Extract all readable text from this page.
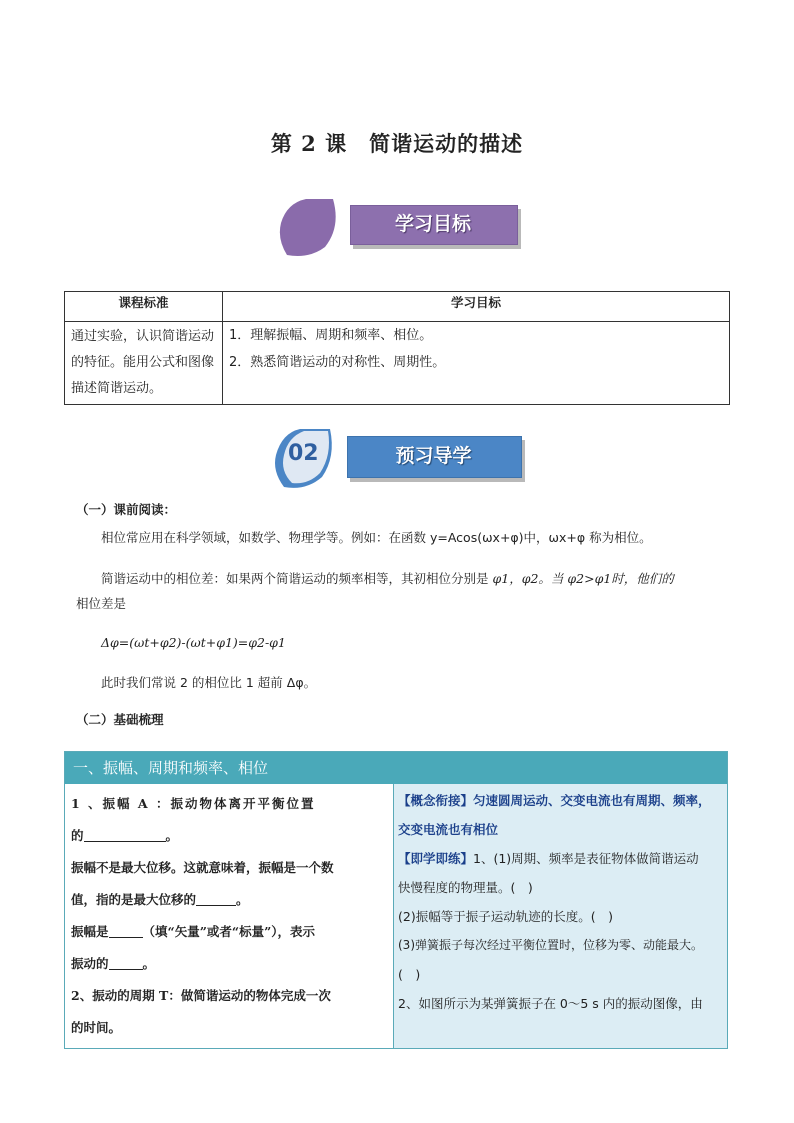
第 2 课　简谐运动的描述
学习目标
课程标准	学习目标
通过实验，认识简谐运动的特征。能用公式和图像描述简谐运动。	1．理解振幅、周期和频率、相位。
2．熟悉简谐运动的对称性、周期性。
02	预习导学
（一）课前阅读：
相位常应用在科学领域，如数学、物理学等。例如：在函数 y=Acos(ωx+φ)中，ωx+φ 称为相位。
简谐运动中的相位差：如果两个简谐运动的频率相等，其初相位分别是 φ1，φ2。当 φ2>φ1时，他们的
相位差是
Δφ=(ωt+φ2)-(ωt+φ1)=φ2-φ1
此时我们常说 2 的相位比 1 超前 Δφ。
（二）基础梳理
一、振幅、周期和频率、相位

1 、振幅 A ：振动物体离开平衡位置
的	。
振幅不是最大位移。这就意味着，振幅是一个数
值，指的是最大位移的	。
振幅是	（填“矢量”或者“标量”），表示
振动的	。
2、振动的周期 T：做简谐运动的物体完成一次
的时间。

【概念衔接】匀速圆周运动、交变电流也有周期、频率，
交变电流也有相位
【即学即练】1、(1)周期、频率是表征物体做简谐运动
快慢程度的物理量。(　)
(2)振幅等于振子运动轨迹的长度。(　)
(3)弹簧振子每次经过平衡位置时，位移为零、动能最大。
(　)
2、如图所示为某弹簧振子在 0～5 s 内的振动图像，由
